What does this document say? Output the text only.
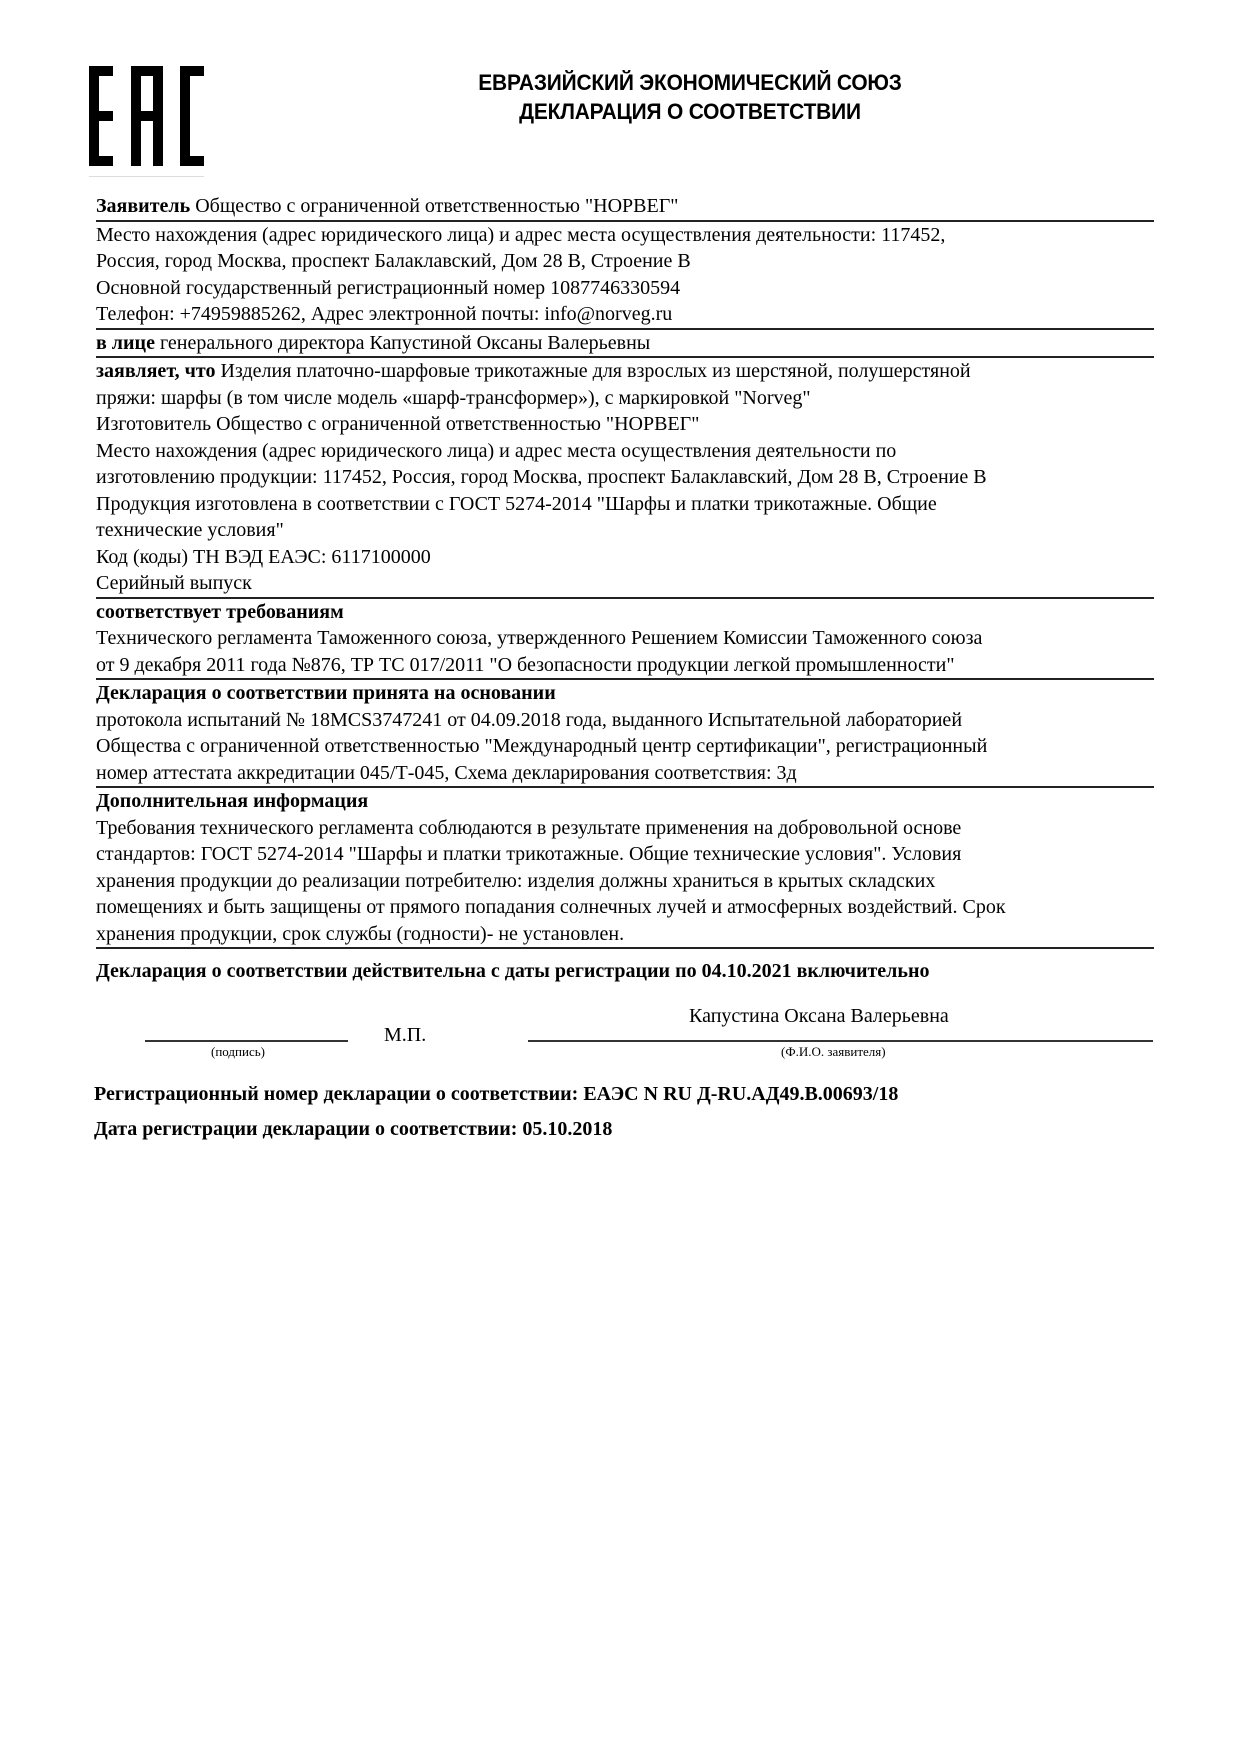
ЕВРАЗИЙСКИЙ ЭКОНОМИЧЕСКИЙ СОЮЗ
ДЕКЛАРАЦИЯ О СООТВЕТСТВИИ
Заявитель Общество с ограниченной ответственностью "НОРВЕГ"
Место нахождения (адрес юридического лица) и адрес места осуществления деятельности: 117452,
Россия, город Москва, проспект Балаклавский, Дом 28 В, Строение В
Основной государственный регистрационный номер 1087746330594
Телефон: +74959885262, Адрес электронной почты: info@norveg.ru
в лице генерального директора Капустиной Оксаны Валерьевны
заявляет, что Изделия платочно-шарфовые трикотажные для взрослых из шерстяной, полушерстяной
пряжи: шарфы (в том числе модель «шарф-трансформер»), с маркировкой "Norveg"
Изготовитель Общество с ограниченной ответственностью "НОРВЕГ"
Место нахождения (адрес юридического лица) и адрес места осуществления деятельности по
изготовлению продукции: 117452, Россия, город Москва, проспект Балаклавский, Дом 28 В, Строение В
Продукция изготовлена в соответствии с ГОСТ 5274-2014 "Шарфы и платки трикотажные. Общие
технические условия"
Код (коды) ТН ВЭД ЕАЭС: 6117100000
Серийный выпуск
соответствует требованиям
Технического регламента Таможенного союза, утвержденного Решением Комиссии Таможенного союза
от 9 декабря 2011 года №876, ТР ТС 017/2011 "О безопасности продукции легкой промышленности"
Декларация о соответствии принята на основании
протокола испытаний № 18MCS3747241 от 04.09.2018 года, выданного Испытательной лабораторией
Общества с ограниченной ответственностью "Международный центр сертификации", регистрационный
номер аттестата аккредитации 045/Т-045, Схема декларирования соответствия: 3д
Дополнительная информация
Требования технического регламента соблюдаются в результате применения на добровольной основе
стандартов: ГОСТ 5274-2014 "Шарфы и платки трикотажные. Общие технические условия". Условия
хранения продукции до реализации потребителю: изделия должны храниться в крытых складских
помещениях и быть защищены от прямого попадания солнечных лучей и атмосферных воздействий. Срок
хранения продукции, срок службы (годности)- не установлен.
Декларация о соответствии действительна с даты регистрации по 04.10.2021 включительно
(подпись)
М.П.
Капустина Оксана Валерьевна
(Ф.И.О. заявителя)
Регистрационный номер декларации о соответствии: ЕАЭС N RU Д-RU.АД49.В.00693/18
Дата регистрации декларации о соответствии: 05.10.2018
